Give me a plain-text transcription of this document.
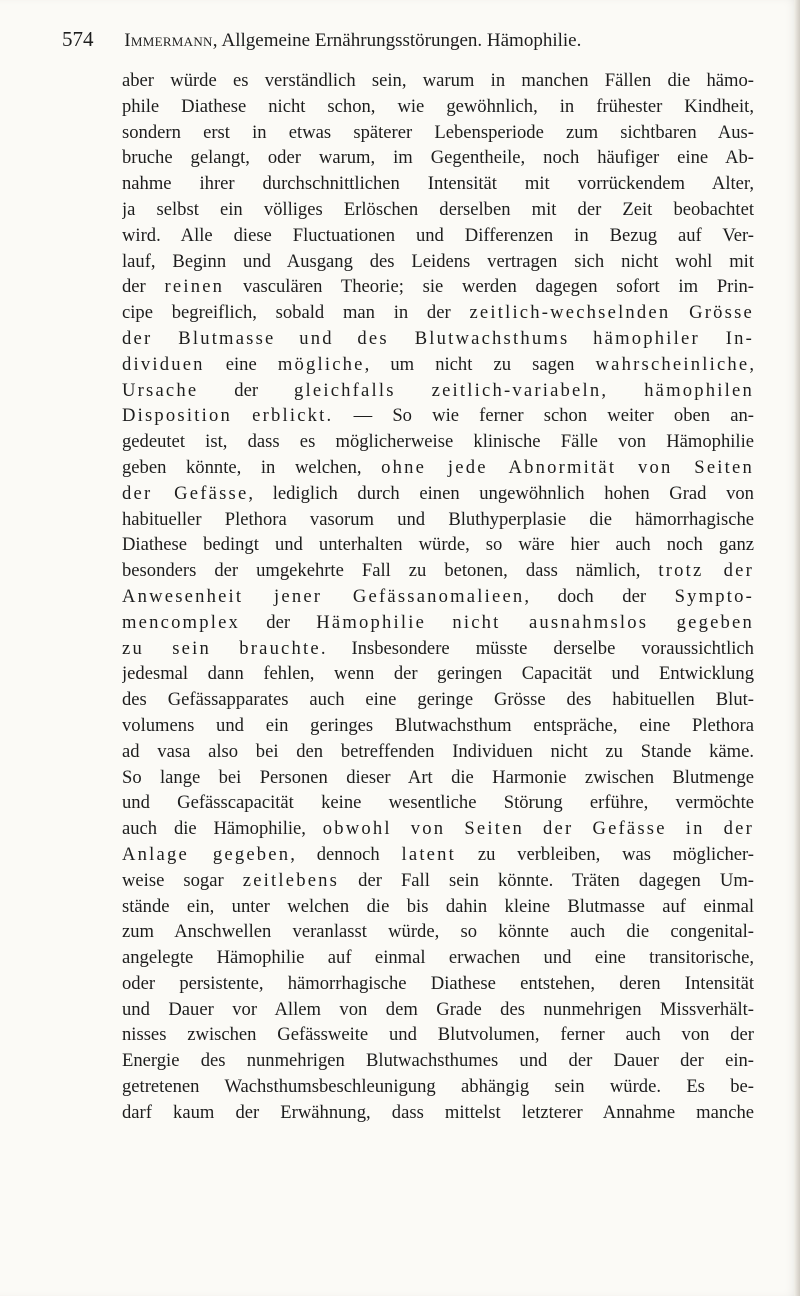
574 Immermann, Allgemeine Ernährungsstörungen. Hämophilie.
aber würde es verständlich sein, warum in manchen Fällen die hämo-
phile Diathese nicht schon, wie gewöhnlich, in frühester Kindheit,
sondern erst in etwas späterer Lebensperiode zum sichtbaren Aus-
bruche gelangt, oder warum, im Gegentheile, noch häufiger eine Ab-
nahme ihrer durchschnittlichen Intensität mit vorrückendem Alter,
ja selbst ein völliges Erlöschen derselben mit der Zeit beobachtet
wird. Alle diese Fluctuationen und Differenzen in Bezug auf Ver-
lauf, Beginn und Ausgang des Leidens vertragen sich nicht wohl mit
der reinen vasculären Theorie; sie werden dagegen sofort im Prin-
cipe begreiflich, sobald man in der zeitlich-wechselnden Grösse
der Blutmasse und des Blutwachsthums hämophiler In-
dividuen eine mögliche, um nicht zu sagen wahrscheinliche,
Ursache der gleichfalls zeitlich-variabeln, hämophilen
Disposition erblickt. — So wie ferner schon weiter oben an-
gedeutet ist, dass es möglicherweise klinische Fälle von Hämophilie
geben könnte, in welchen, ohne jede Abnormität von Seiten
der Gefässe, lediglich durch einen ungewöhnlich hohen Grad von
habitueller Plethora vasorum und Bluthyperplasie die hämorrhagische
Diathese bedingt und unterhalten würde, so wäre hier auch noch ganz
besonders der umgekehrte Fall zu betonen, dass nämlich, trotz der
Anwesenheit jener Gefässanomalieen, doch der Sympto-
mencomplex der Hämophilie nicht ausnahmslos gegeben
zu sein brauchte. Insbesondere müsste derselbe voraussichtlich
jedesmal dann fehlen, wenn der geringen Capacität und Entwicklung
des Gefässapparates auch eine geringe Grösse des habituellen Blut-
volumens und ein geringes Blutwachsthum entspräche, eine Plethora
ad vasa also bei den betreffenden Individuen nicht zu Stande käme.
So lange bei Personen dieser Art die Harmonie zwischen Blutmenge
und Gefässcapacität keine wesentliche Störung erführe, vermöchte
auch die Hämophilie, obwohl von Seiten der Gefässe in der
Anlage gegeben, dennoch latent zu verbleiben, was möglicher-
weise sogar zeitlebens der Fall sein könnte. Träten dagegen Um-
stände ein, unter welchen die bis dahin kleine Blutmasse auf einmal
zum Anschwellen veranlasst würde, so könnte auch die congenital-
angelegte Hämophilie auf einmal erwachen und eine transitorische,
oder persistente, hämorrhagische Diathese entstehen, deren Intensität
und Dauer vor Allem von dem Grade des nunmehrigen Missverhält-
nisses zwischen Gefässweite und Blutvolumen, ferner auch von der
Energie des nunmehrigen Blutwachsthumes und der Dauer der ein-
getretenen Wachsthumsbeschleunigung abhängig sein würde. Es be-
darf kaum der Erwähnung, dass mittelst letzterer Annahme manche
